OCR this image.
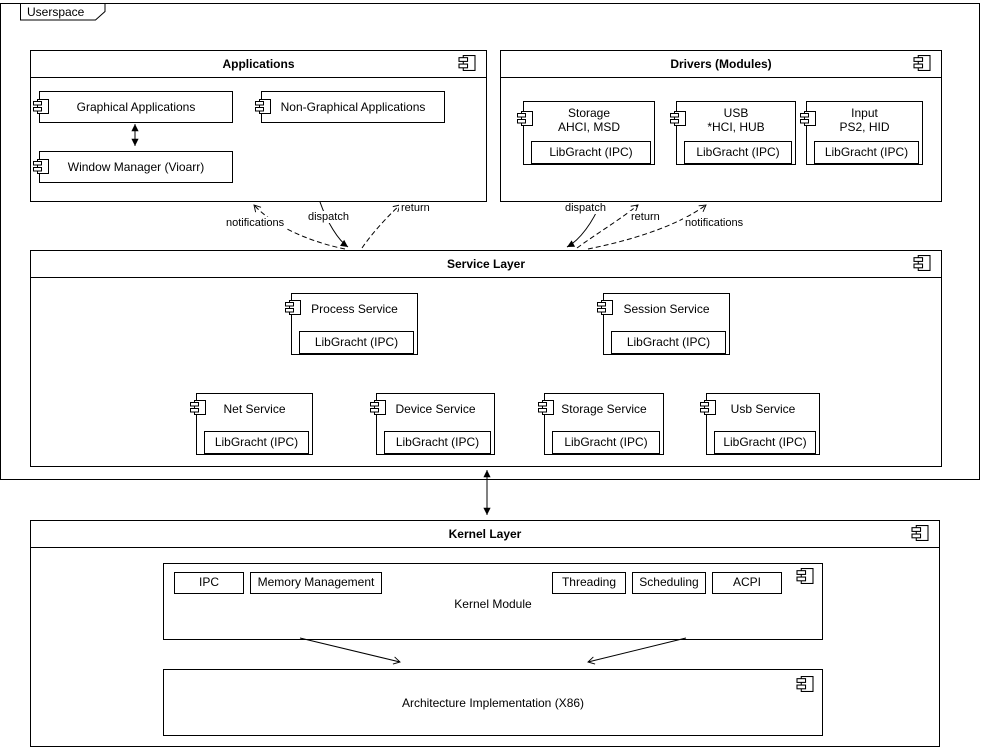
Userspace
Applications
Graphical Applications	Non-Graphical Applications
Window Manager (Vioarr)
Drivers (Modules)
Storage
AHCI, MSD
LibGracht (IPC)
USB
*HCI, HUB
LibGracht (IPC)
Input
PS2, HID
LibGracht (IPC)
Service Layer
Process Service
LibGracht (IPC)
Session Service
LibGracht (IPC)
Net Service
LibGracht (IPC)
Device Service
LibGracht (IPC)
Storage Service
LibGracht (IPC)
Usb Service
LibGracht (IPC)
Kernel Layer
IPC	Memory Management	Threading	Scheduling	ACPI
Kernel Module
Architecture Implementation (X86)
notifications dispatch
return	dispatch
return notifications
